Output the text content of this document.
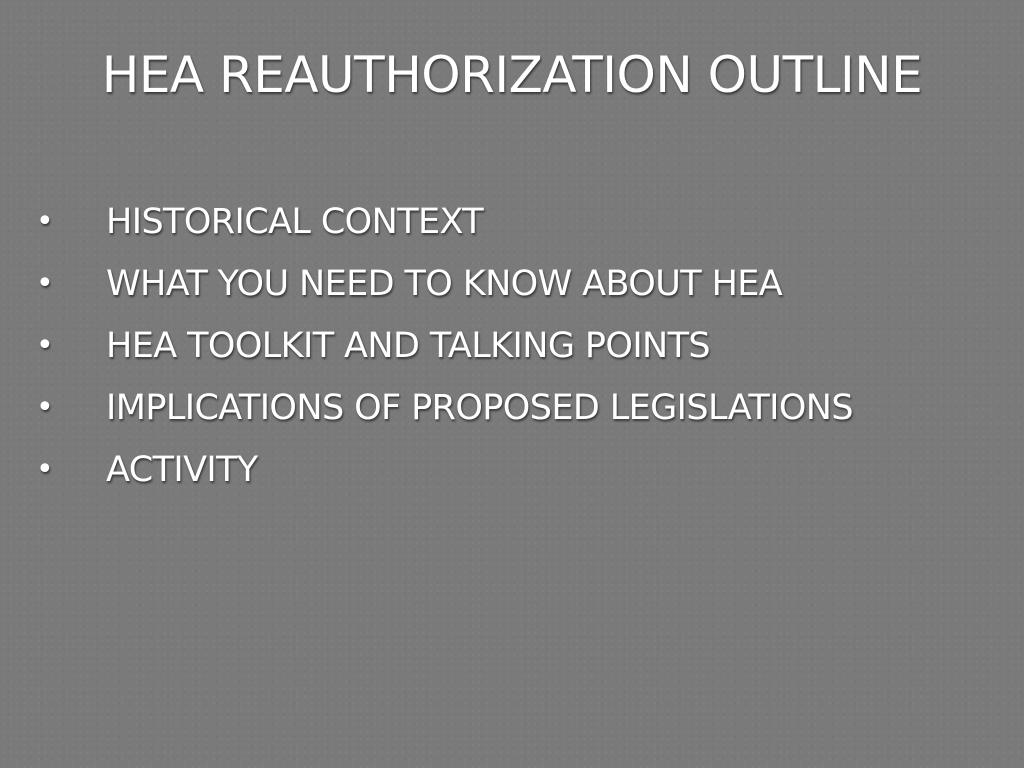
HEA REAUTHORIZATION OUTLINE
• HISTORICAL CONTEXT
• WHAT YOU NEED TO KNOW ABOUT HEA
• HEA TOOLKIT AND TALKING POINTS
• IMPLICATIONS OF PROPOSED LEGISLATIONS
• ACTIVITY
